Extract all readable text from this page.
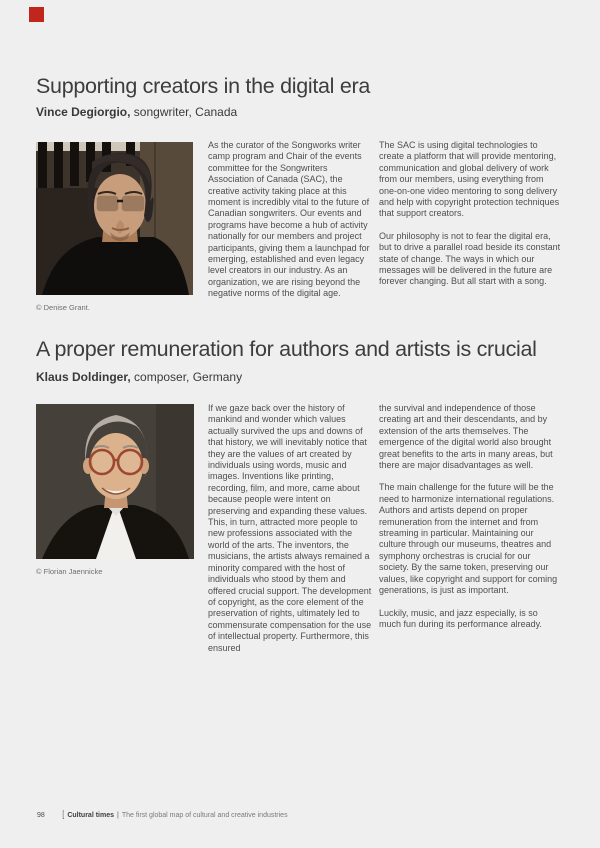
Supporting creators in the digital era
Vince Degiorgio, songwriter, Canada
© Denise Grant.

As the curator of the Songworks writer camp program and Chair of the events committee for the Songwriters Association of Canada (SAC), the creative activity taking place at this moment is incredibly vital to the future of Canadian songwriters. Our events and programs have become a hub of activity nationally for our members and project participants, giving them a launchpad for emerging, established and even legacy level creators in our industry. As an organization, we are rising beyond the negative norms of the digital age.

The SAC is using digital technologies to create a platform that will provide mentoring, communication and global delivery of work from our members, using everything from one-on-one video mentoring to song delivery and help with copyright protection techniques that support creators.

Our philosophy is not to fear the digital era, but to drive a parallel road beside its constant state of change. The ways in which our messages will be delivered in the future are forever changing. But all start with a song.

A proper remuneration for authors and artists is crucial
Klaus Doldinger, composer, Germany
© Florian Jaennicke

If we gaze back over the history of mankind and wonder which values actually survived the ups and downs of that history, we will inevitably notice that they are the values of art created by individuals using words, music and images. Inventions like printing, recording, film, and more, came about because people were intent on preserving and expanding these values. This, in turn, attracted more people to new professions associated with the world of the arts. The inventors, the musicians, the artists always remained a minority compared with the host of individuals who stood by them and offered crucial support. The development of copyright, as the core element of the preservation of rights, ultimately led to commensurate compensation for the use of intellectual property. Furthermore, this ensured

the survival and independence of those creating art and their descendants, and by extension of the arts themselves. The emergence of the digital world also brought great benefits to the arts in many areas, but there are major disadvantages as well.

The main challenge for the future will be the need to harmonize international regulations. Authors and artists depend on proper remuneration from the internet and from streaming in particular. Maintaining our culture through our museums, theatres and symphony orchestras is crucial for our society. By the same token, preserving our values, like copyright and support for coming generations, is just as important.

Luckily, music, and jazz especially, is so much fun during its performance already.

98 [ Cultural times | The first global map of cultural and creative industries
